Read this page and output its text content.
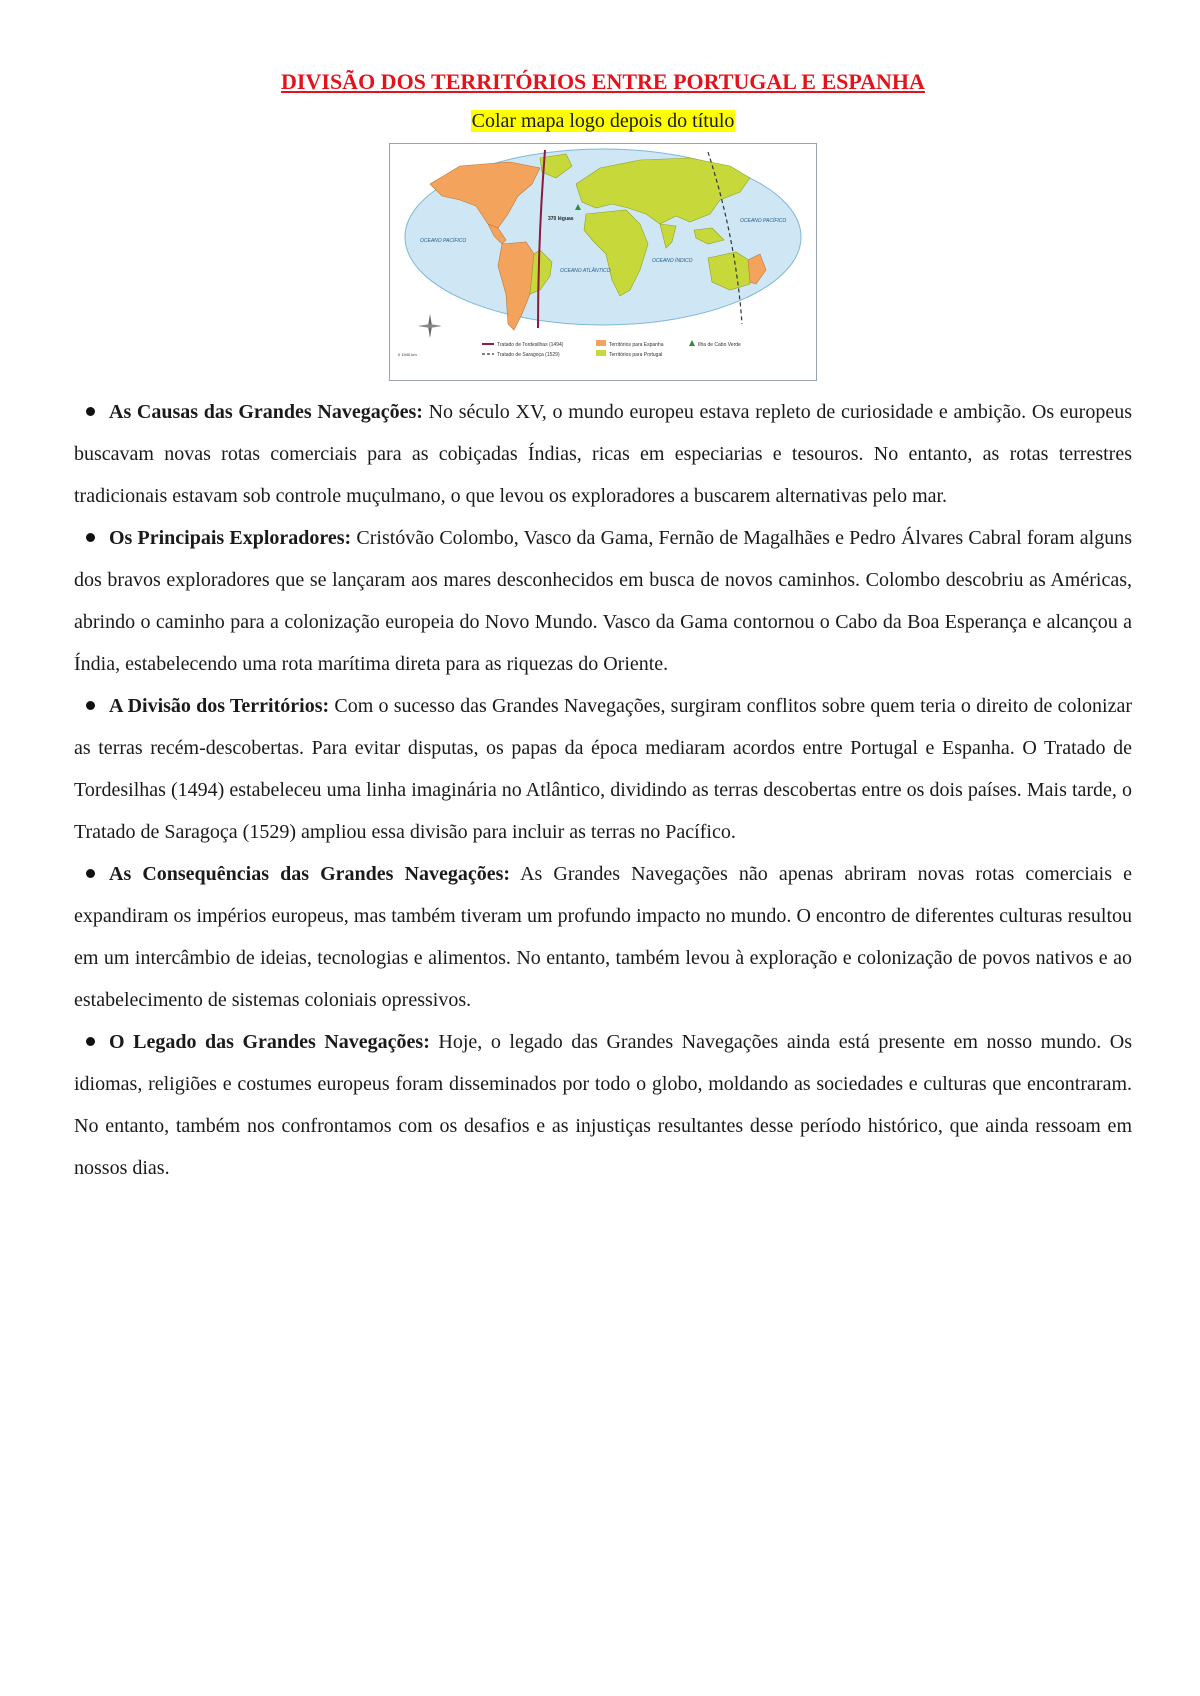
DIVISÃO DOS TERRITÓRIOS ENTRE PORTUGAL E ESPANHA
Colar mapa logo depois do título
OCEANO PACÍFICO
OCEANO ATLÂNTICO
OCEANO ÍNDICO
OCEANO PACÍFICO
370 léguas
Tratado de Tordesilhas (1494)
Tratado de Saragoça (1529)
Territórios para Espanha
Territórios para Portugal
Ilha de Cabo Verde
0 1940 km

As Causas das Grandes Navegações: No século XV, o mundo europeu estava repleto de curiosidade e ambição. Os europeus buscavam novas rotas comerciais para as cobiçadas Índias, ricas em especiarias e tesouros. No entanto, as rotas terrestres tradicionais estavam sob controle muçulmano, o que levou os exploradores a buscarem alternativas pelo mar.

Os Principais Exploradores: Cristóvão Colombo, Vasco da Gama, Fernão de Magalhães e Pedro Álvares Cabral foram alguns dos bravos exploradores que se lançaram aos mares desconhecidos em busca de novos caminhos. Colombo descobriu as Américas, abrindo o caminho para a colonização europeia do Novo Mundo. Vasco da Gama contornou o Cabo da Boa Esperança e alcançou a Índia, estabelecendo uma rota marítima direta para as riquezas do Oriente.

A Divisão dos Territórios: Com o sucesso das Grandes Navegações, surgiram conflitos sobre quem teria o direito de colonizar as terras recém-descobertas. Para evitar disputas, os papas da época mediaram acordos entre Portugal e Espanha. O Tratado de Tordesilhas (1494) estabeleceu uma linha imaginária no Atlântico, dividindo as terras descobertas entre os dois países. Mais tarde, o Tratado de Saragoça (1529) ampliou essa divisão para incluir as terras no Pacífico.

As Consequências das Grandes Navegações: As Grandes Navegações não apenas abriram novas rotas comerciais e expandiram os impérios europeus, mas também tiveram um profundo impacto no mundo. O encontro de diferentes culturas resultou em um intercâmbio de ideias, tecnologias e alimentos. No entanto, também levou à exploração e colonização de povos nativos e ao estabelecimento de sistemas coloniais opressivos.

O Legado das Grandes Navegações: Hoje, o legado das Grandes Navegações ainda está presente em nosso mundo. Os idiomas, religiões e costumes europeus foram disseminados por todo o globo, moldando as sociedades e culturas que encontraram. No entanto, também nos confrontamos com os desafios e as injustiças resultantes desse período histórico, que ainda ressoam em nossos dias.
